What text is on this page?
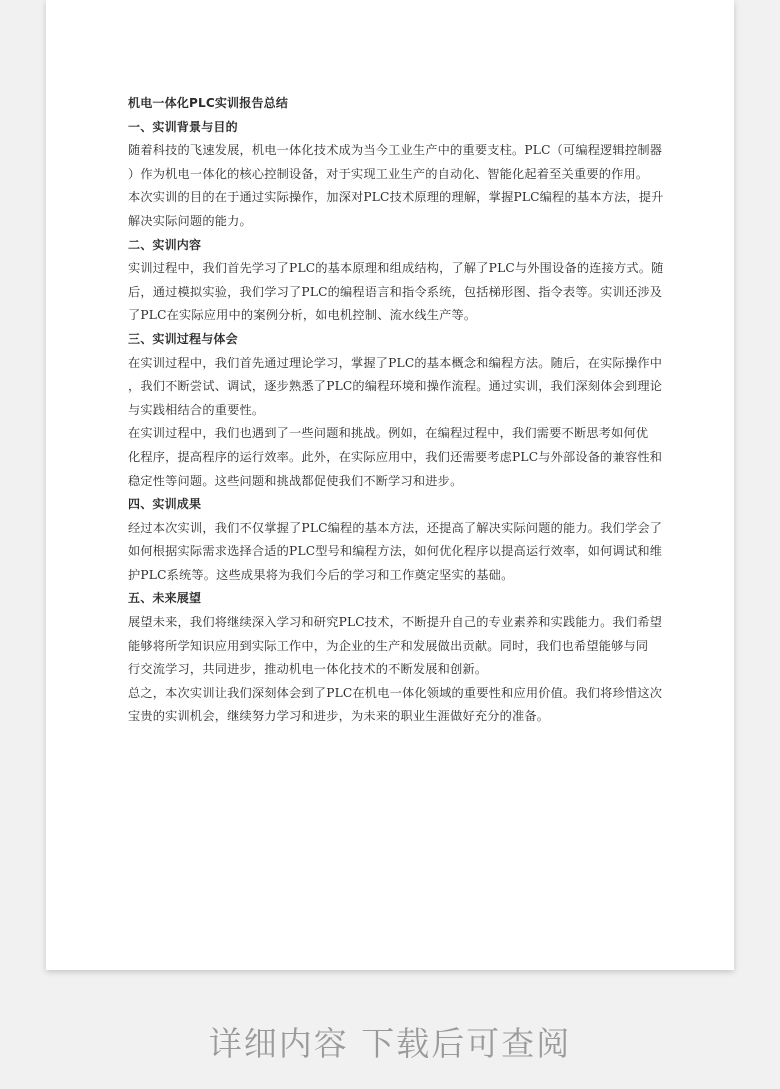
机电一体化PLC实训报告总结
一、实训背景与目的
随着科技的飞速发展，机电一体化技术成为当今工业生产中的重要支柱。PLC（可编程逻辑控制器
）作为机电一体化的核心控制设备，对于实现工业生产的自动化、智能化起着至关重要的作用。
本次实训的目的在于通过实际操作，加深对PLC技术原理的理解，掌握PLC编程的基本方法，提升
解决实际问题的能力。
二、实训内容
实训过程中，我们首先学习了PLC的基本原理和组成结构，了解了PLC与外围设备的连接方式。随
后，通过模拟实验，我们学习了PLC的编程语言和指令系统，包括梯形图、指令表等。实训还涉及
了PLC在实际应用中的案例分析，如电机控制、流水线生产等。
三、实训过程与体会
在实训过程中，我们首先通过理论学习，掌握了PLC的基本概念和编程方法。随后，在实际操作中
，我们不断尝试、调试，逐步熟悉了PLC的编程环境和操作流程。通过实训，我们深刻体会到理论
与实践相结合的重要性。
在实训过程中，我们也遇到了一些问题和挑战。例如，在编程过程中，我们需要不断思考如何优
化程序，提高程序的运行效率。此外，在实际应用中，我们还需要考虑PLC与外部设备的兼容性和
稳定性等问题。这些问题和挑战都促使我们不断学习和进步。
四、实训成果
经过本次实训，我们不仅掌握了PLC编程的基本方法，还提高了解决实际问题的能力。我们学会了
如何根据实际需求选择合适的PLC型号和编程方法，如何优化程序以提高运行效率，如何调试和维
护PLC系统等。这些成果将为我们今后的学习和工作奠定坚实的基础。
五、未来展望
展望未来，我们将继续深入学习和研究PLC技术，不断提升自己的专业素养和实践能力。我们希望
能够将所学知识应用到实际工作中，为企业的生产和发展做出贡献。同时，我们也希望能够与同
行交流学习，共同进步，推动机电一体化技术的不断发展和创新。
总之，本次实训让我们深刻体会到了PLC在机电一体化领域的重要性和应用价值。我们将珍惜这次
宝贵的实训机会，继续努力学习和进步，为未来的职业生涯做好充分的准备。

详细内容 下载后可查阅
